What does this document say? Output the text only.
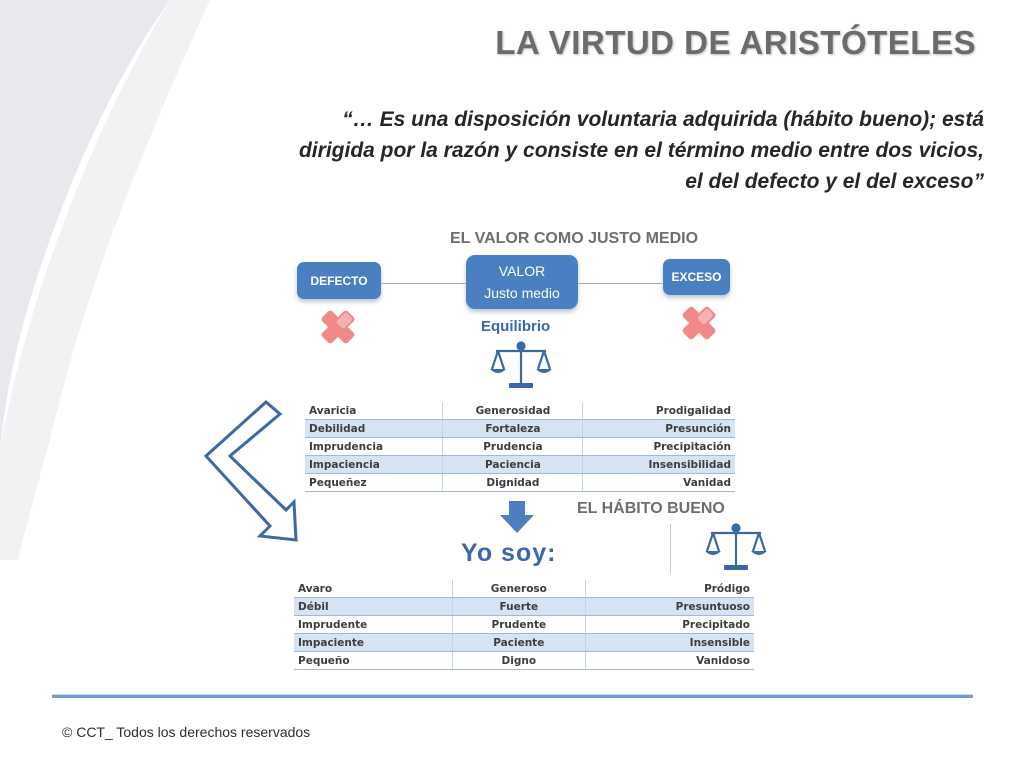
LA VIRTUD DE ARISTÓTELES
“… Es una disposición voluntaria adquirida (hábito bueno); está
dirigida por la razón y consiste en el término medio entre dos vicios,
el del defecto y el del exceso”
EL VALOR COMO JUSTO MEDIO
DEFECTO
VALOR
Justo medio
EXCESO
Equilibrio
Avaricia	Generosidad	Prodigalidad
Debilidad	Fortaleza	Presunción
Imprudencia	Prudencia	Precipitación
Impaciencia	Paciencia	Insensibilidad
Pequeñez	Dignidad	Vanidad
EL HÁBITO BUENO
Yo soy:
Avaro	Generoso	Pródigo
Débil	Fuerte	Presuntuoso
Imprudente	Prudente	Precipitado
Impaciente	Paciente	Insensible
Pequeño	Digno	Vanidoso
© CCT_ Todos los derechos reservados
